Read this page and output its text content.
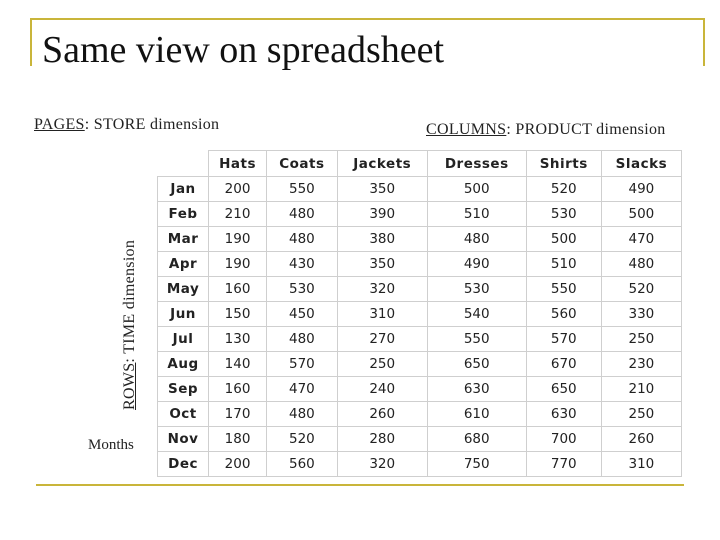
Same view on spreadsheet
PAGES: STORE dimension	COLUMNS: PRODUCT dimension
ROWS: TIME dimension
Months
	Hats	Coats	Jackets	Dresses	Shirts	Slacks
Jan	200	550	350	500	520	490
Feb	210	480	390	510	530	500
Mar	190	480	380	480	500	470
Apr	190	430	350	490	510	480
May	160	530	320	530	550	520
Jun	150	450	310	540	560	330
Jul	130	480	270	550	570	250
Aug	140	570	250	650	670	230
Sep	160	470	240	630	650	210
Oct	170	480	260	610	630	250
Nov	180	520	280	680	700	260
Dec	200	560	320	750	770	310
